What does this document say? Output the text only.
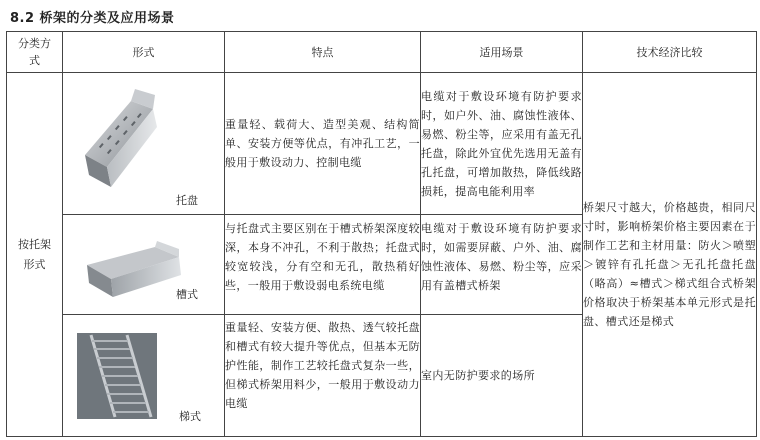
8.2 桥架的分类及应用场景
分类方式	形式	特点	适用场景	技术经济比较

按托架形式	托盘	重量轻、载荷大、造型美观、结构简单、安装方便等优点，有冲孔工艺，一般用于敷设动力、控制电缆	电缆对于敷设环境有防护要求时，如户外、油、腐蚀性液体、易燃、粉尘等，应采用有盖无孔托盘，除此外宜优先选用无盖有孔托盘，可增加散热，降低线路损耗，提高电能利用率	桥架尺寸越大，价格越贵，相同尺寸时，影响桥架价格主要因素在于制作工艺和主材用量：防火＞喷塑＞镀锌有孔托盘＞无孔托盘托盘（略高）≈槽式＞梯式组合式桥架价格取决于桥架基本单元形式是托盘、槽式还是梯式

	槽式	与托盘式主要区别在于槽式桥架深度较深，本身不冲孔，不利于散热；托盘式较宽较浅，分有空和无孔，散热稍好些，一般用于敷设弱电系统电缆	电缆对于敷设环境有防护要求时，如需要屏蔽、户外、油、腐蚀性液体、易燃、粉尘等，应采用有盖槽式桥架	

	梯式	重量轻、安装方便、散热、透气较托盘和槽式有较大提升等优点，但基本无防护性能，制作工艺较托盘式复杂一些，但梯式桥架用料少，一般用于敷设动力电缆	室内无防护要求的场所	
